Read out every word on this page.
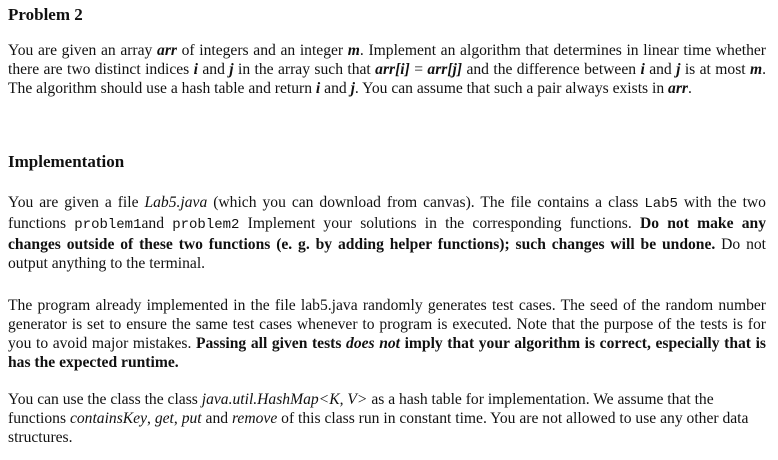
Problem 2

You are given an array arr of integers and an integer m. Implement an algorithm that determines in linear time whether there are two distinct indices i and j in the array such that arr[i] = arr[j] and the difference between i and j is at most m. The algorithm should use a hash table and return i and j. You can assume that such a pair always exists in arr.

Implementation

You are given a file Lab5.java (which you can download from canvas). The file contains a class Lab5 with the two functions problem1and problem2 Implement your solutions in the corresponding functions. Do not make any changes outside of these two functions (e. g. by adding helper functions); such changes will be undone. Do not output anything to the terminal.

The program already implemented in the file lab5.java randomly generates test cases. The seed of the random number generator is set to ensure the same test cases whenever to program is executed. Note that the purpose of the tests is for you to avoid major mistakes. Passing all given tests does not imply that your algorithm is correct, especially that is has the expected runtime.

You can use the class the class java.util.HashMap<K, V> as a hash table for implementation. We assume that the functions containsKey, get, put and remove of this class run in constant time. You are not allowed to use any other data structures.
